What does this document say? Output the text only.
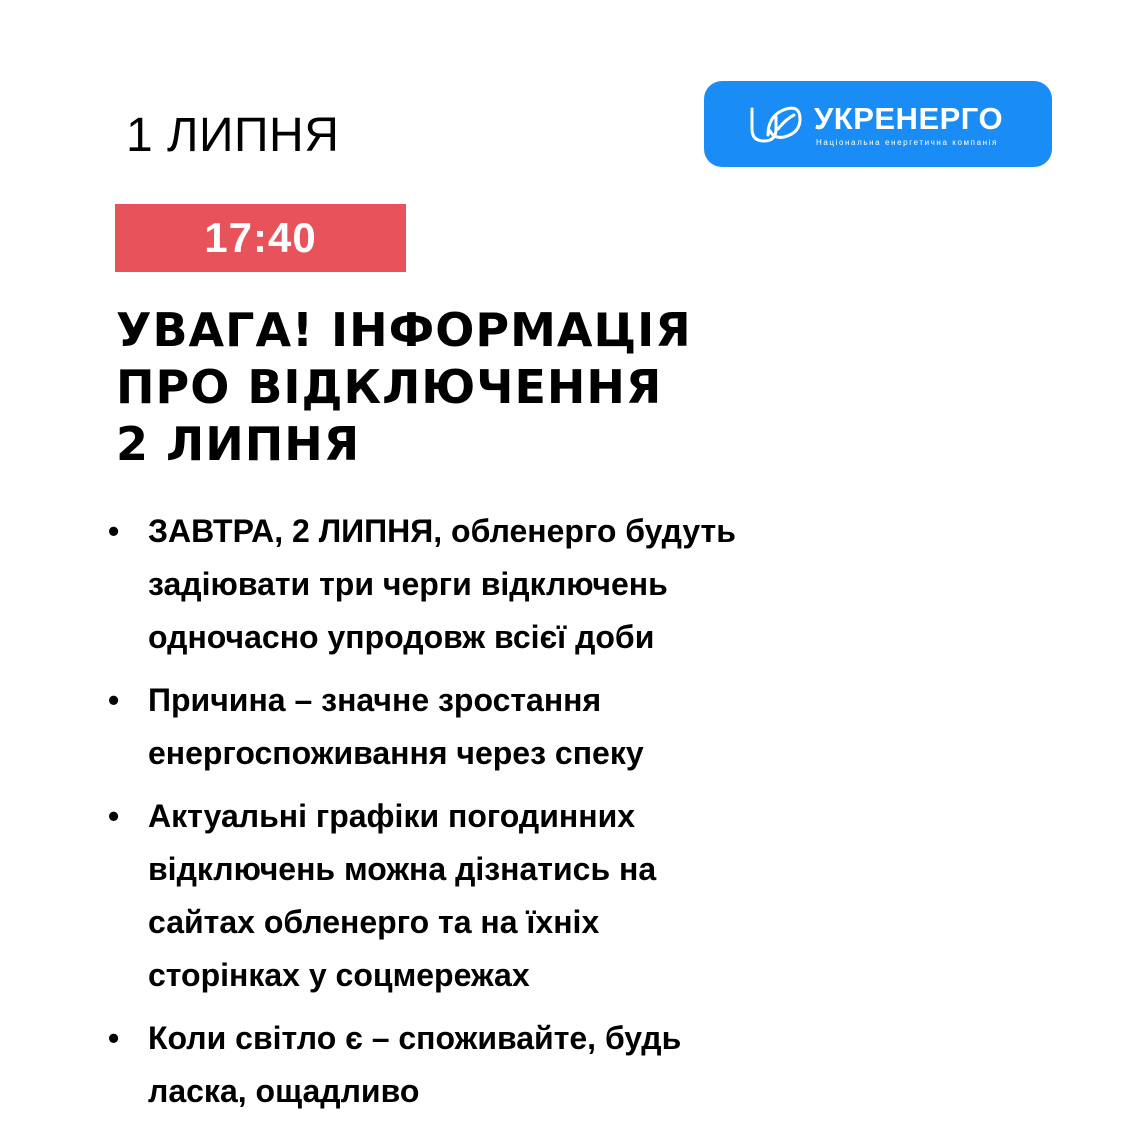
1 ЛИПНЯ	УКРЕНЕРГО
Національна енергетична компанія
17:40
УВАГА! ІНФОРМАЦІЯ
ПРО ВІДКЛЮЧЕННЯ
2 ЛИПНЯ
• ЗАВТРА, 2 ЛИПНЯ, обленерго будуть
задіювати три черги відключень
одночасно упродовж всієї доби
• Причина – значне зростання
енергоспоживання через спеку
• Актуальні графіки погодинних
відключень можна дізнатись на
сайтах обленерго та на їхніх
сторінках у соцмережах
• Коли світло є – споживайте, будь
ласка, ощадливо
